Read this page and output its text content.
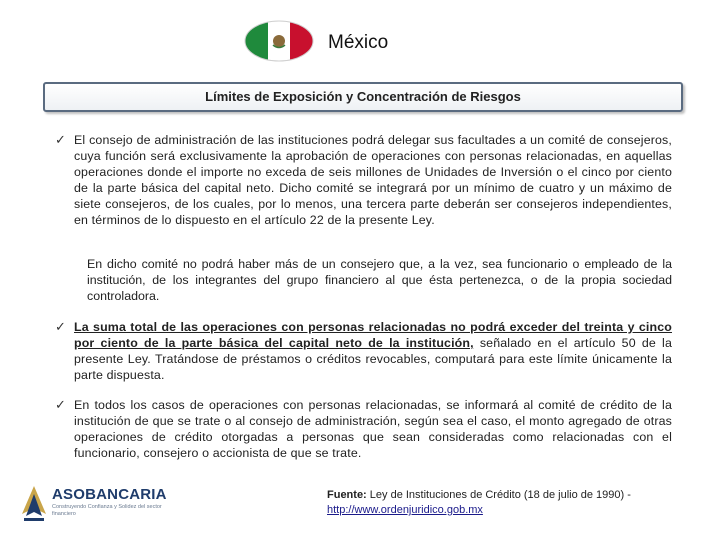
México
Límites de Exposición y Concentración de Riesgos
✓ El consejo de administración de las instituciones podrá delegar sus facultades a un comité de consejeros, cuya función será exclusivamente la aprobación de operaciones con personas relacionadas, en aquellas operaciones donde el importe no exceda de seis millones de Unidades de Inversión o el cinco por ciento de la parte básica del capital neto. Dicho comité se integrará por un mínimo de cuatro y un máximo de siete consejeros, de los cuales, por lo menos, una tercera parte deberán ser consejeros independientes, en términos de lo dispuesto en el artículo 22 de la presente Ley.
En dicho comité no podrá haber más de un consejero que, a la vez, sea funcionario o empleado de la institución, de los integrantes del grupo financiero al que ésta pertenezca, o de la propia sociedad controladora.
✓ La suma total de las operaciones con personas relacionadas no podrá exceder del treinta y cinco por ciento de la parte básica del capital neto de la institución, señalado en el artículo 50 de la presente Ley. Tratándose de préstamos o créditos revocables, computará para este límite únicamente la parte dispuesta.
✓ En todos los casos de operaciones con personas relacionadas, se informará al comité de crédito de la institución de que se trate o al consejo de administración, según sea el caso, el monto agregado de otras operaciones de crédito otorgadas a personas que sean consideradas como relacionadas con el funcionario, consejero o accionista de que se trate.
ASOBANCARIA
Construyendo Confianza y Solidez del sector financiero
Fuente: Ley de Instituciones de Crédito (18 de julio de 1990) -
http://www.ordenjuridico.gob.mx
